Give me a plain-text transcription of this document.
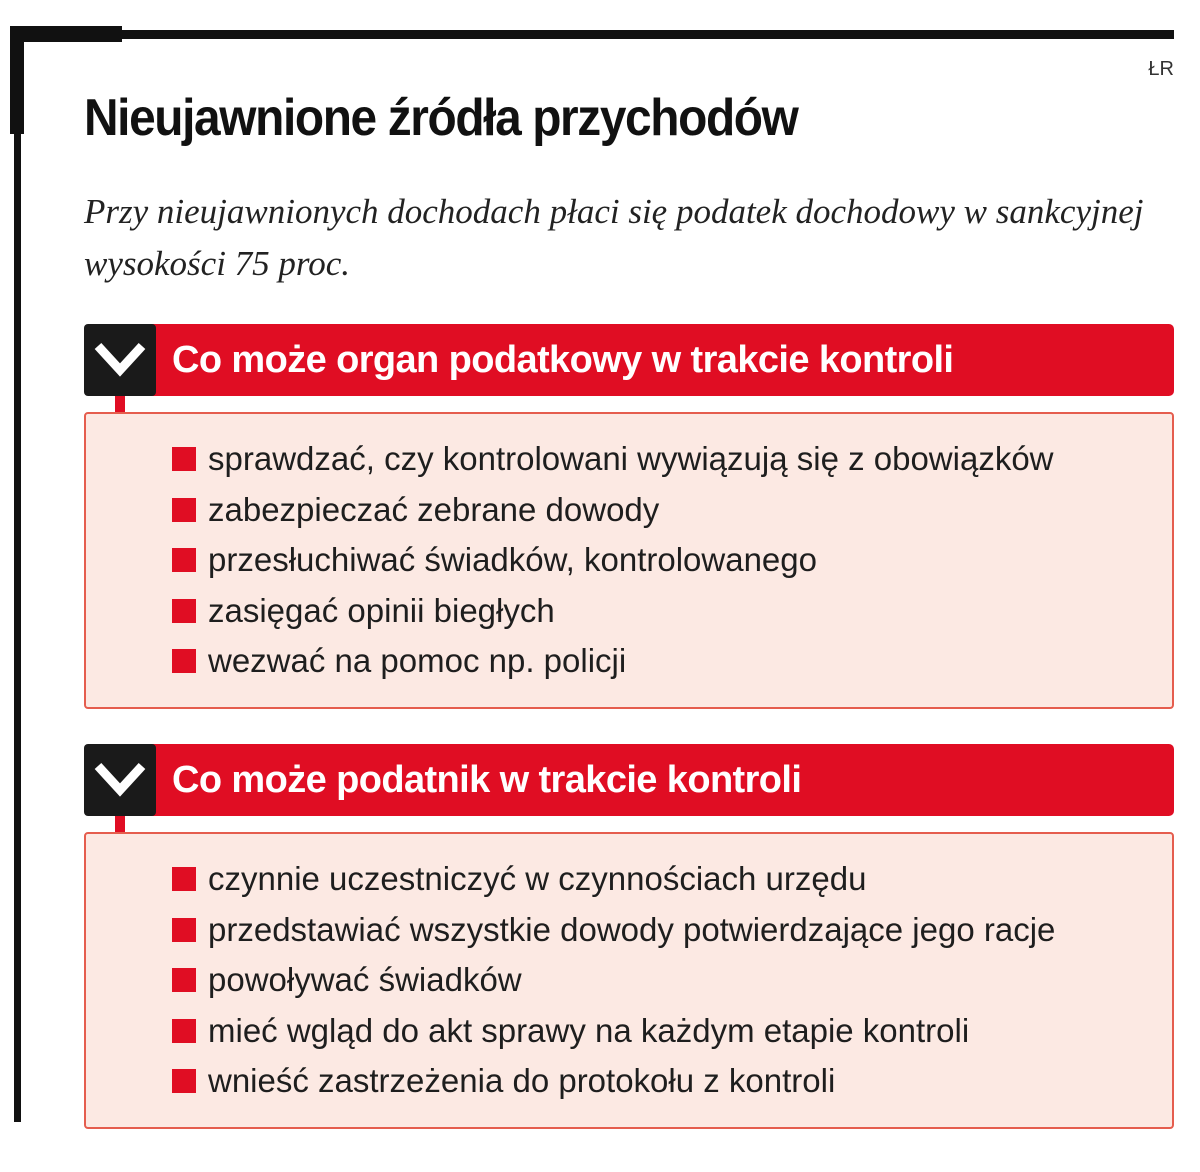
ŁR
Nieujawnione źródła przychodów

Przy nieujawnionych dochodach płaci się podatek dochodowy w sankcyjnej wysokości 75 proc.

Co może organ podatkowy w trakcie kontroli
sprawdzać, czy kontrolowani wywiązują się z obowiązków
zabezpieczać zebrane dowody
przesłuchiwać świadków, kontrolowanego
zasięgać opinii biegłych
wezwać na pomoc np. policji
Co może podatnik w trakcie kontroli
czynnie uczestniczyć w czynnościach urzędu
przedstawiać wszystkie dowody potwierdzające jego racje
powoływać świadków
mieć wgląd do akt sprawy na każdym etapie kontroli
wnieść zastrzeżenia do protokołu z kontroli
